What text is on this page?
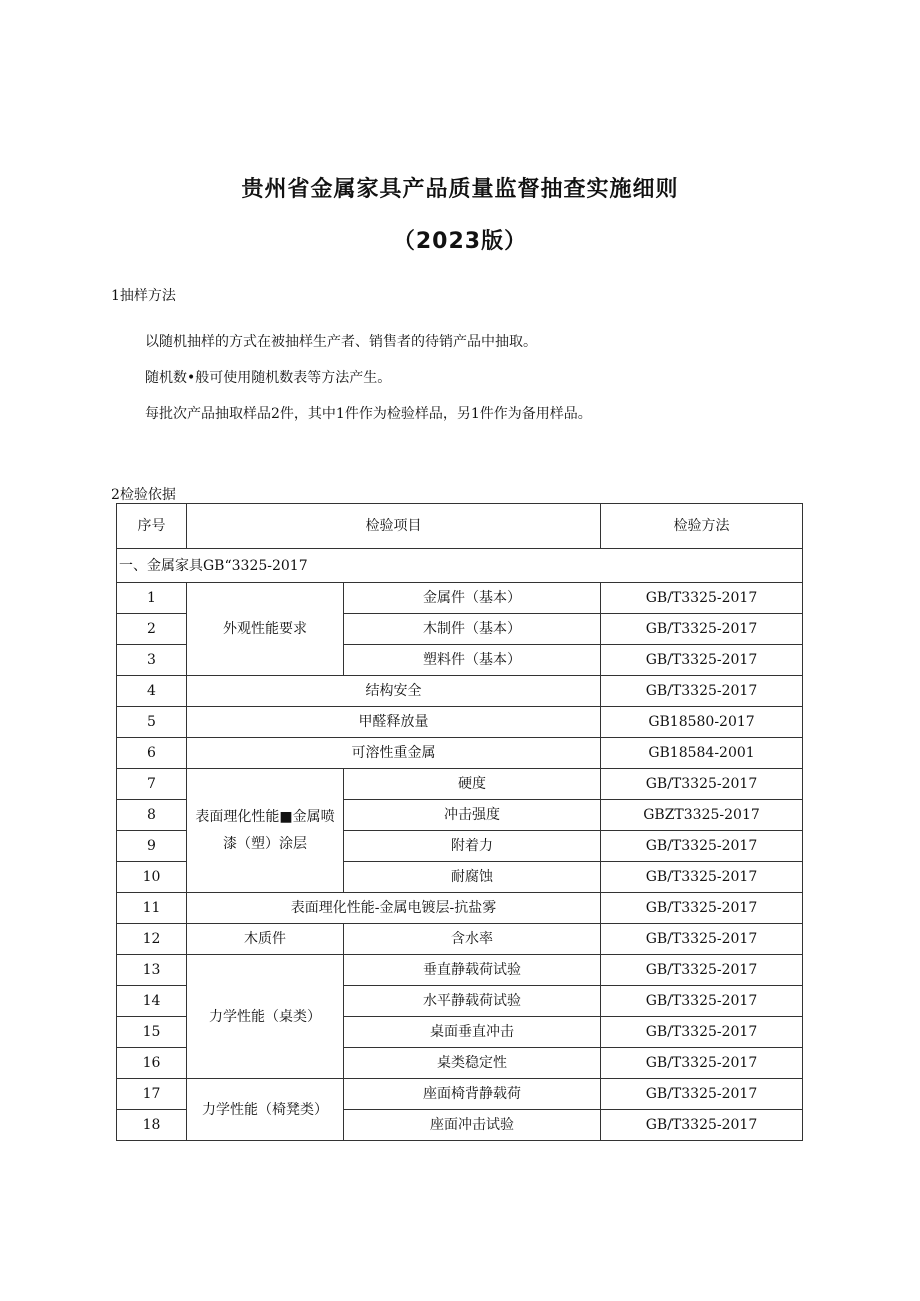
贵州省金属家具产品质量监督抽查实施细则
（2023版）
1抽样方法
以随机抽样的方式在被抽样生产者、销售者的待销产品中抽取。
随机数•般可使用随机数表等方法产生。
每批次产品抽取样品2件，其中1件作为检验样品，另1件作为备用样品。
2检验依据
序号	检验项目		检验方法
一、金属家具GB“3325-2017			
1	外观性能要求	金属件（基本）	GB/T3325-2017
2		木制件（基本）	GB/T3325-2017
3		塑料件（基本）	GB/T3325-2017
4	结构安全		GB/T3325-2017
5	甲醛释放量		GB18580-2017
6	可溶性重金属		GB18584-2001
7	表面理化性能■金属喷漆（塑）涂层	硬度	GB/T3325-2017
8		冲击强度	GBZT3325-2017
9		附着力	GB/T3325-2017
10		耐腐蚀	GB/T3325-2017
11	表面理化性能-金属电镀层-抗盐雾		GB/T3325-2017
12	木质件	含水率	GB/T3325-2017
13	力学性能（桌类）	垂直静载荷试验	GB/T3325-2017
14		水平静载荷试验	GB/T3325-2017
15		桌面垂直冲击	GB/T3325-2017
16		桌类稳定性	GB/T3325-2017
17	力学性能（椅凳类）	座面椅背静载荷	GB/T3325-2017
18		座面冲击试验	GB/T3325-2017
